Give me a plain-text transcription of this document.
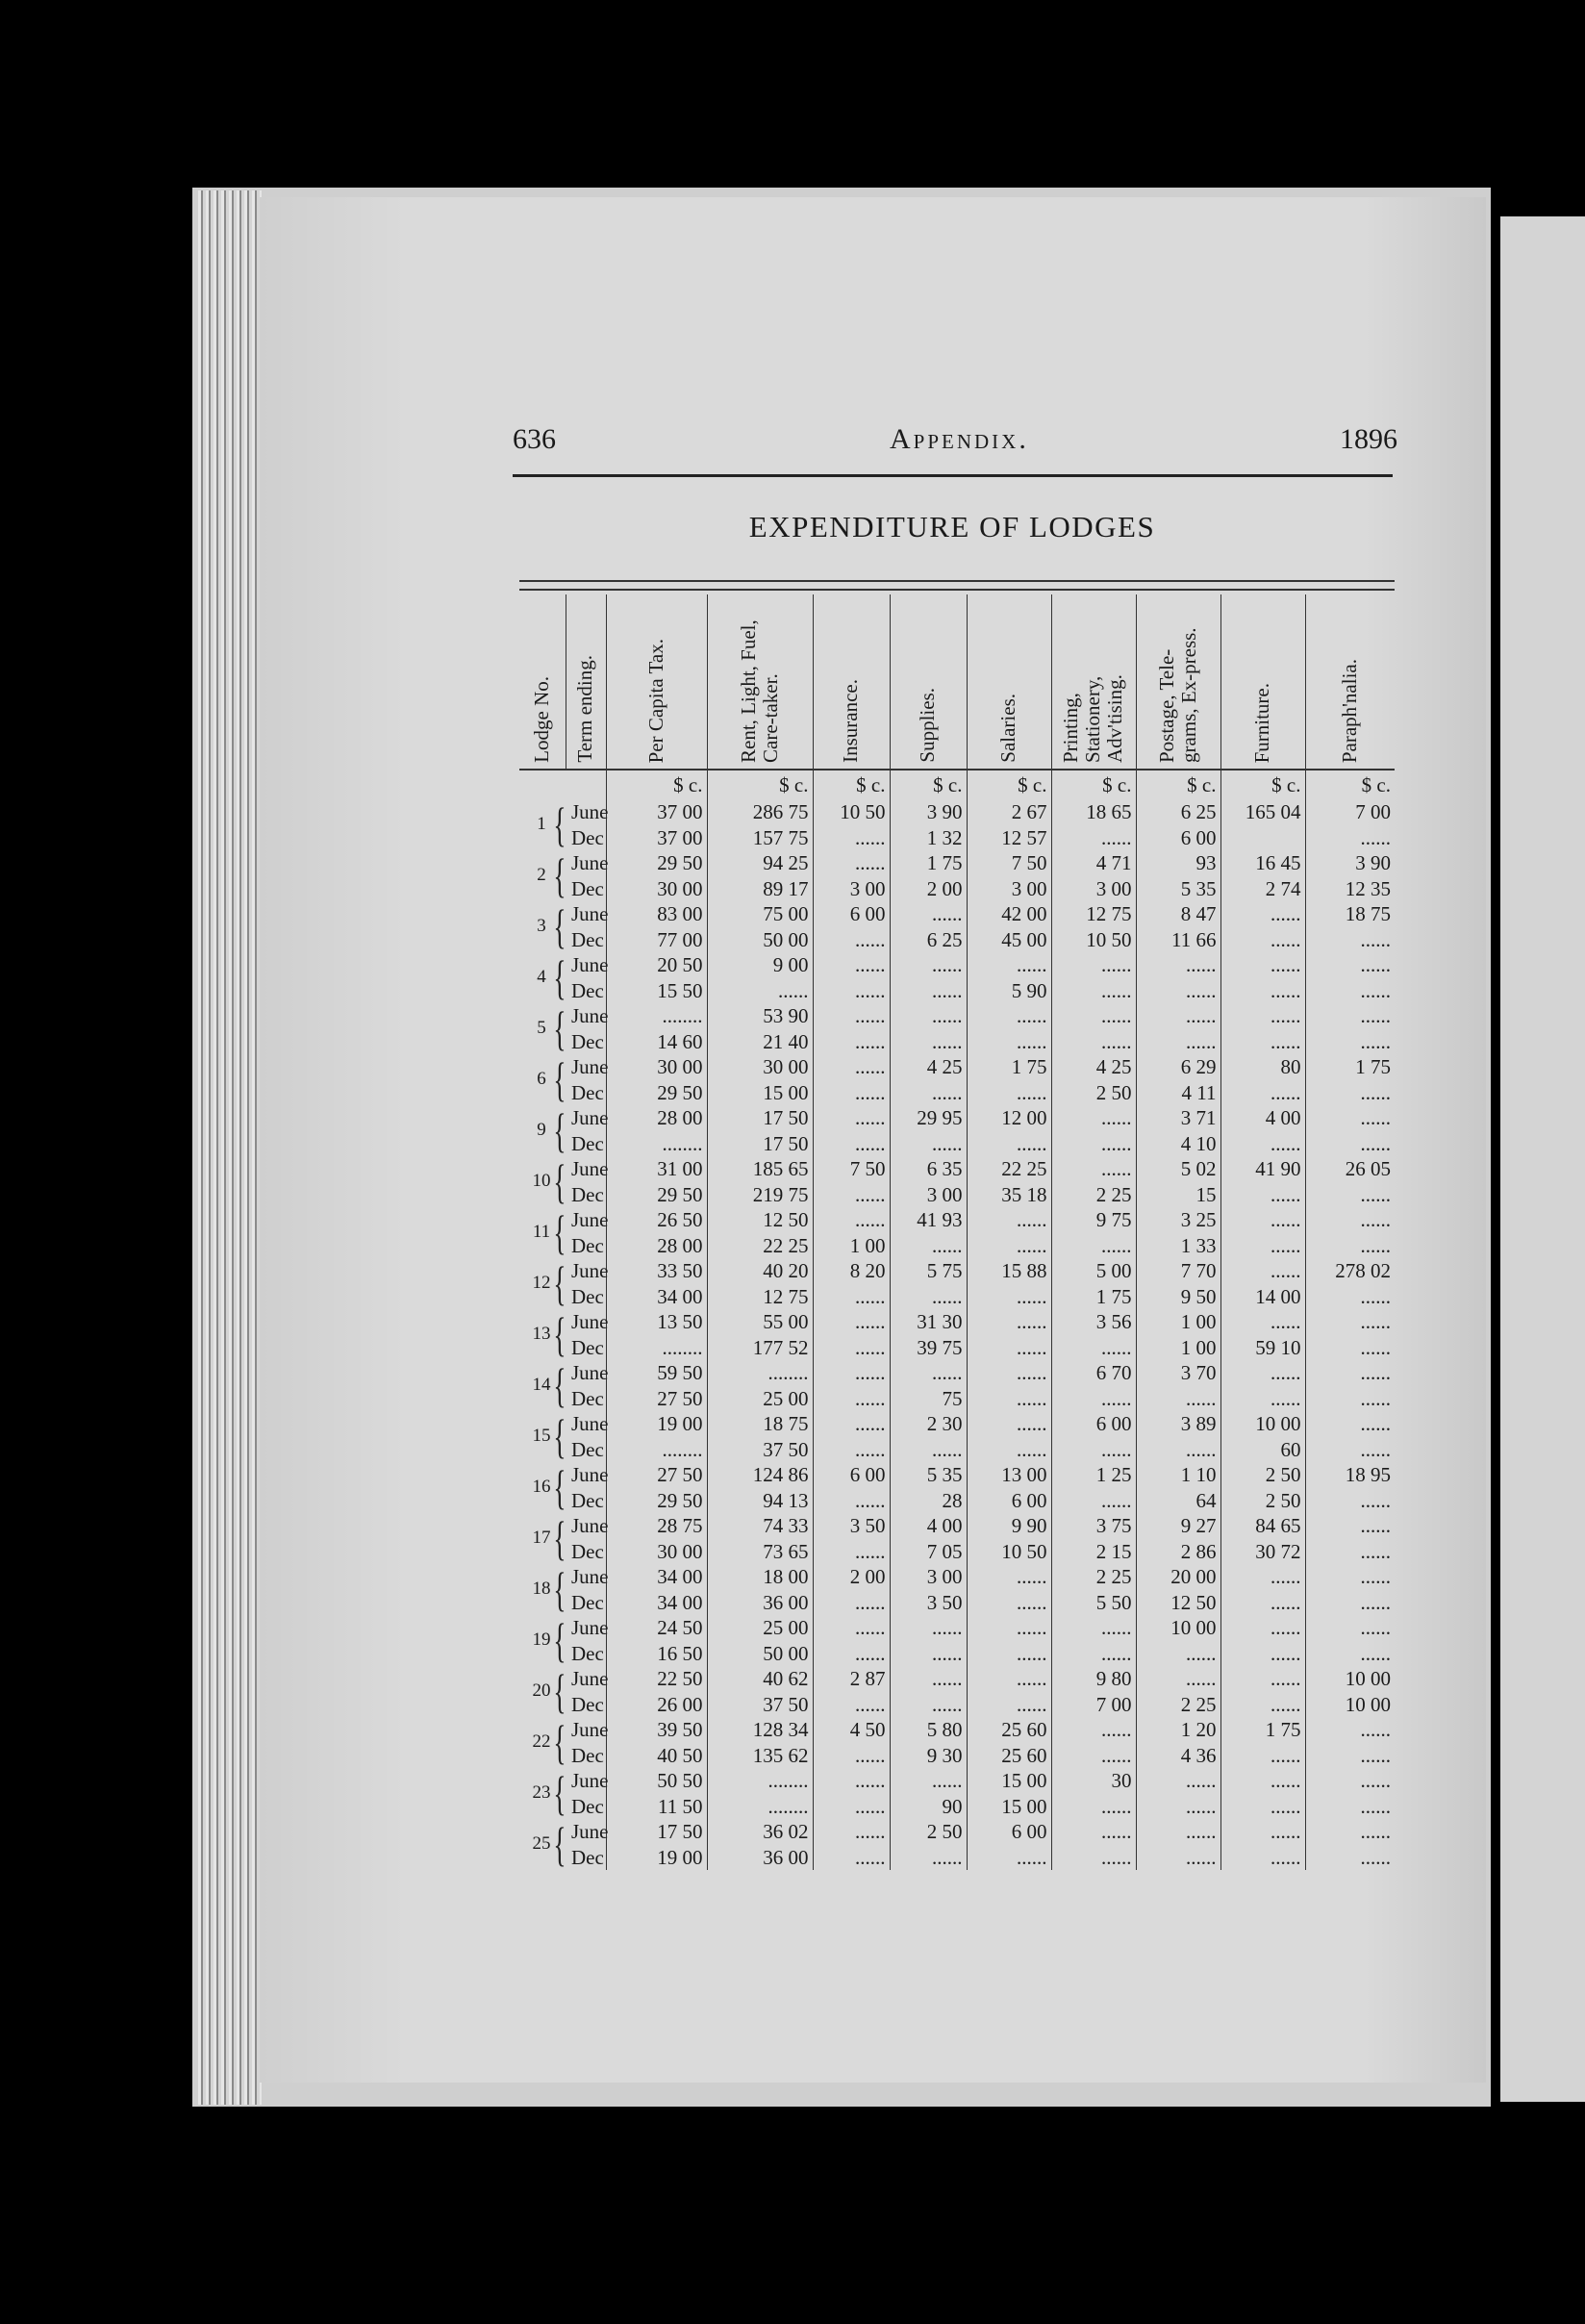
636	Appendix.	1896
EXPENDITURE OF LODGES
Lodge No.	Term ending.	Per Capita Tax.	Rent, Light, Fuel, Care-taker.	Insurance.	Supplies.	Salaries.	Printing, Stationery, Adv'tising.	Postage, Tele-grams, Ex-press.	Furniture.	Paraph'nalia.
		$ c.	$ c.	$ c.	$ c.	$ c.	$ c.	$ c.	$ c.	$ c.
1 {	June	37 00	286 75	10 50	3 90	2 67	18 65	6 25	165 04	7 00
	Dec	37 00	157 75	......	1 32	12 57	......	6 00		......
2 {	June	29 50	94 25	......	1 75	7 50	4 71	93	16 45	3 90
	Dec	30 00	89 17	3 00	2 00	3 00	3 00	5 35	2 74	12 35
3 {	June	83 00	75 00	6 00	......	42 00	12 75	8 47	......	18 75
	Dec	77 00	50 00	......	6 25	45 00	10 50	11 66	......	......
4 {	June	20 50	9 00	......	......	......	......	......	......	......
	Dec	15 50	......	......	......	5 90	......	......	......	......
5 {	June	........	53 90	......	......	......	......	......	......	......
	Dec	14 60	21 40	......	......	......	......	......	......	......
6 {	June	30 00	30 00	......	4 25	1 75	4 25	6 29	80	1 75
	Dec	29 50	15 00	......	......	......	2 50	4 11	......	......
9 {	June	28 00	17 50	......	29 95	12 00	......	3 71	4 00	......
	Dec	........	17 50	......	......	......	......	4 10	......	......
10 {	June	31 00	185 65	7 50	6 35	22 25	......	5 02	41 90	26 05
	Dec	29 50	219 75	......	3 00	35 18	2 25	15	......	......
11 {	June	26 50	12 50	......	41 93	......	9 75	3 25	......	......
	Dec	28 00	22 25	1 00	......	......	......	1 33	......	......
12 {	June	33 50	40 20	8 20	5 75	15 88	5 00	7 70	......	278 02
	Dec	34 00	12 75	......	......	......	1 75	9 50	14 00	......
13 {	June	13 50	55 00	......	31 30	......	3 56	1 00	......	......
	Dec	........	177 52	......	39 75	......	......	1 00	59 10	......
14 {	June	59 50	........	......	......	......	6 70	3 70	......	......
	Dec	27 50	25 00	......	75	......	......	......	......	......
15 {	June	19 00	18 75	......	2 30	......	6 00	3 89	10 00	......
	Dec	........	37 50	......	......	......	......	......	60	......
16 {	June	27 50	124 86	6 00	5 35	13 00	1 25	1 10	2 50	18 95
	Dec	29 50	94 13	......	28	6 00	......	64	2 50	......
17 {	June	28 75	74 33	3 50	4 00	9 90	3 75	9 27	84 65	......
	Dec	30 00	73 65	......	7 05	10 50	2 15	2 86	30 72	......
18 {	June	34 00	18 00	2 00	3 00	......	2 25	20 00	......	......
	Dec	34 00	36 00	......	3 50	......	5 50	12 50	......	......
19 {	June	24 50	25 00	......	......	......	......	10 00	......	......
	Dec	16 50	50 00	......	......	......	......	......	......	......
20 {	June	22 50	40 62	2 87	......	......	9 80	......	......	10 00
	Dec	26 00	37 50	......	......	......	7 00	2 25	......	10 00
22 {	June	39 50	128 34	4 50	5 80	25 60	......	1 20	1 75	......
	Dec	40 50	135 62	......	9 30	25 60	......	4 36	......	......
23 {	June	50 50	........	......	......	15 00	30	......	......	......
	Dec	11 50	........	......	90	15 00	......	......	......	......
25 {	June	17 50	36 02	......	2 50	6 00	......	......	......	......
	Dec	19 00	36 00	......	......	......	......	......	......	......
